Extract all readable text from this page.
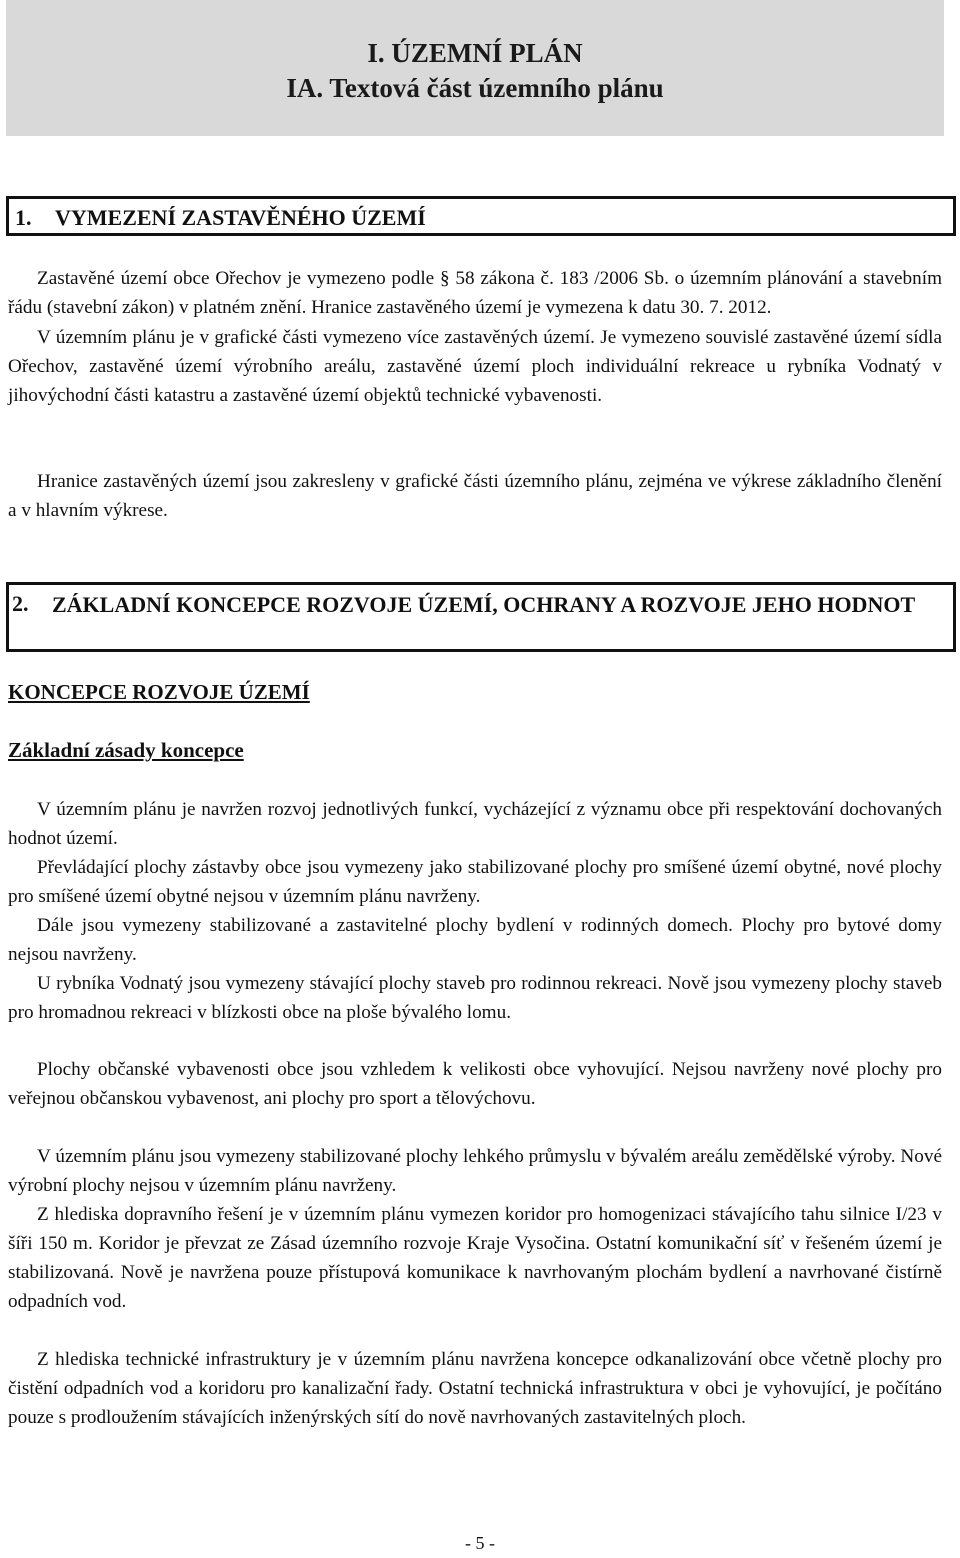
I. ÚZEMNÍ PLÁN
IA. Textová část územního plánu
1. VYMEZENÍ ZASTAVĚNÉHO ÚZEMÍ

Zastavěné území obce Ořechov je vymezeno podle § 58 zákona č. 183 /2006 Sb. o územním plánování a stavebním řádu (stavební zákon) v platném znění. Hranice zastavěného území je vymezena k datu 30. 7. 2012.

V územním plánu je v grafické části vymezeno více zastavěných území. Je vymezeno souvislé zastavěné území sídla Ořechov, zastavěné území výrobního areálu, zastavěné území ploch individuální rekreace u rybníka Vodnatý v jihovýchodní části katastru a zastavěné území objektů technické vybavenosti.

Hranice zastavěných území jsou zakresleny v grafické části územního plánu, zejména ve výkrese základního členění a v hlavním výkrese.

2. ZÁKLADNÍ KONCEPCE ROZVOJE ÚZEMÍ, OCHRANY A ROZVOJE JEHO HODNOT
KONCEPCE ROZVOJE ÚZEMÍ
Základní zásady koncepce

V územním plánu je navržen rozvoj jednotlivých funkcí, vycházející z významu obce při respektování dochovaných hodnot území.

Převládající plochy zástavby obce jsou vymezeny jako stabilizované plochy pro smíšené území obytné, nové plochy pro smíšené území obytné nejsou v územním plánu navrženy.

Dále jsou vymezeny stabilizované a zastavitelné plochy bydlení v rodinných domech. Plochy pro bytové domy nejsou navrženy.

U rybníka Vodnatý jsou vymezeny stávající plochy staveb pro rodinnou rekreaci. Nově jsou vymezeny plochy staveb pro hromadnou rekreaci v blízkosti obce na ploše bývalého lomu.

Plochy občanské vybavenosti obce jsou vzhledem k velikosti obce vyhovující. Nejsou navrženy nové plochy pro veřejnou občanskou vybavenost, ani plochy pro sport a tělovýchovu.

V územním plánu jsou vymezeny stabilizované plochy lehkého průmyslu v bývalém areálu zemědělské výroby. Nové výrobní plochy nejsou v územním plánu navrženy.

Z hlediska dopravního řešení je v územním plánu vymezen koridor pro homogenizaci stávajícího tahu silnice I/23 v šíři 150 m. Koridor je převzat ze Zásad územního rozvoje Kraje Vysočina. Ostatní komunikační síť v řešeném území je stabilizovaná. Nově je navržena pouze přístupová komunikace k navrhovaným plochám bydlení a navrhované čistírně odpadních vod.

Z hlediska technické infrastruktury je v územním plánu navržena koncepce odkanalizování obce včetně plochy pro čistění odpadních vod a koridoru pro kanalizační řady. Ostatní technická infrastruktura v obci je vyhovující, je počítáno pouze s prodloužením stávajících inženýrských sítí do nově navrhovaných zastavitelných ploch.

- 5 -
